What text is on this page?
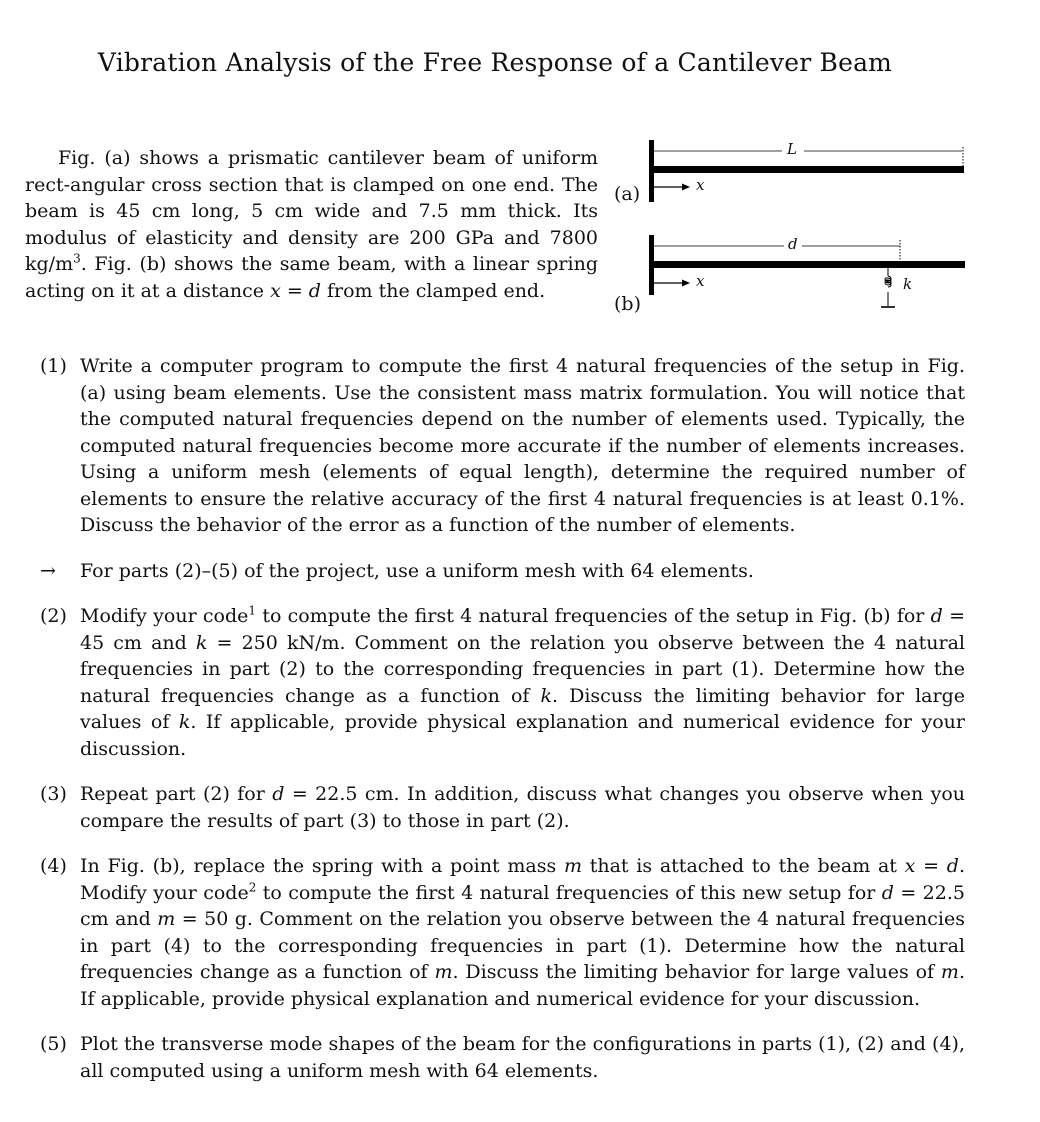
Vibration Analysis of the Free Response of a Cantilever Beam

Fig. (a) shows a prismatic cantilever beam of uniform rect-angular cross section that is clamped on one end. The beam is 45 cm long, 5 cm wide and 7.5 mm thick. Its modulus of elasticity and density are 200 GPa and 7800 $kg/m^3$. Fig. (b) shows the same beam, with a linear spring acting on it at a distance x = d from the clamped end.

(a)
(b)
L
d
x
x	k

(1) Write a computer program to compute the first 4 natural frequencies of the setup in Fig. (a) using beam elements. Use the consistent mass matrix formulation. You will notice that the computed natural frequencies depend on the number of elements used. Typically, the computed natural frequencies become more accurate if the number of elements increases. Using a uniform mesh (elements of equal length), determine the required number of elements to ensure the relative accuracy of the first 4 natural frequencies is at least 0.1%. Discuss the behavior of the error as a function of the number of elements.

→ For parts (2)–(5) of the project, use a uniform mesh with 64 elements.

(2) Modify your code$^1$ to compute the first 4 natural frequencies of the setup in Fig. (b) for d = 45 cm and k = 250 kN/m. Comment on the relation you observe between the 4 natural frequencies in part (2) to the corresponding frequencies in part (1). Determine how the natural frequencies change as a function of k. Discuss the limiting behavior for large values of k. If applicable, provide physical explanation and numerical evidence for your discussion.

(3) Repeat part (2) for d = 22.5 cm. In addition, discuss what changes you observe when you compare the results of part (3) to those in part (2).

(4) In Fig. (b), replace the spring with a point mass m that is attached to the beam at x = d. Modify your code$^2$ to compute the first 4 natural frequencies of this new setup for d = 22.5 cm and m = 50 g. Comment on the relation you observe between the 4 natural frequencies in part (4) to the corresponding frequencies in part (1). Determine how the natural frequencies change as a function of m. Discuss the limiting behavior for large values of m. If applicable, provide physical explanation and numerical evidence for your discussion.

(5) Plot the transverse mode shapes of the beam for the configurations in parts (1), (2) and (4), all computed using a uniform mesh with 64 elements.
